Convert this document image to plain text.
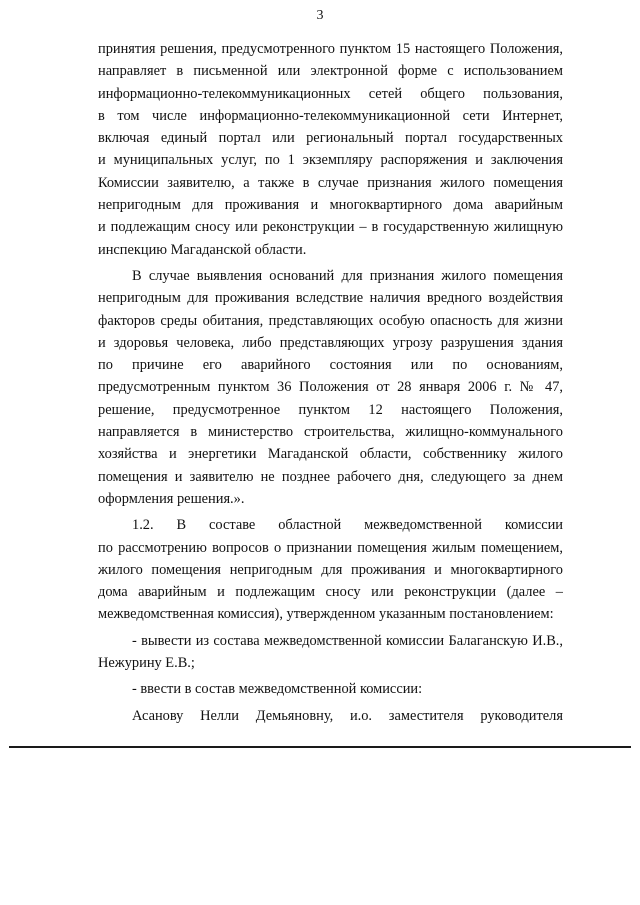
3

принятия решения, предусмотренного пунктом 15 настоящего Положения,
направляет в письменной или электронной форме с использованием
информационно-телекоммуникационных сетей общего пользования,
в том числе информационно-телекоммуникационной сети Интернет,
включая единый портал или региональный портал государственных
и муниципальных услуг, по 1 экземпляру распоряжения и заключения
Комиссии заявителю, а также в случае признания жилого помещения
непригодным для проживания и многоквартирного дома аварийным
и подлежащим сносу или реконструкции – в государственную жилищную
инспекцию Магаданской области.

В случае выявления оснований для признания жилого помещения
непригодным для проживания вследствие наличия вредного воздействия
факторов среды обитания, представляющих особую опасность для жизни
и здоровья человека, либо представляющих угрозу разрушения здания
по причине его аварийного состояния или по основаниям,
предусмотренным пунктом 36 Положения от 28 января 2006 г. № 47,
решение, предусмотренное пунктом 12 настоящего Положения,
направляется в министерство строительства, жилищно-коммунального
хозяйства и энергетики Магаданской области, собственнику жилого
помещения и заявителю не позднее рабочего дня, следующего за днем
оформления решения.».

1.2. В составе областной межведомственной комиссии
по рассмотрению вопросов о признании помещения жилым помещением,
жилого помещения непригодным для проживания и многоквартирного
дома аварийным и подлежащим сносу или реконструкции (далее –
межведомственная комиссия), утвержденном указанным постановлением:

- вывести из состава межведомственной комиссии Балаганскую И.В.,
Нежурину Е.В.;

- ввести в состав межведомственной комиссии:

Асанову Нелли Демьяновну, и.о. заместителя руководителя
